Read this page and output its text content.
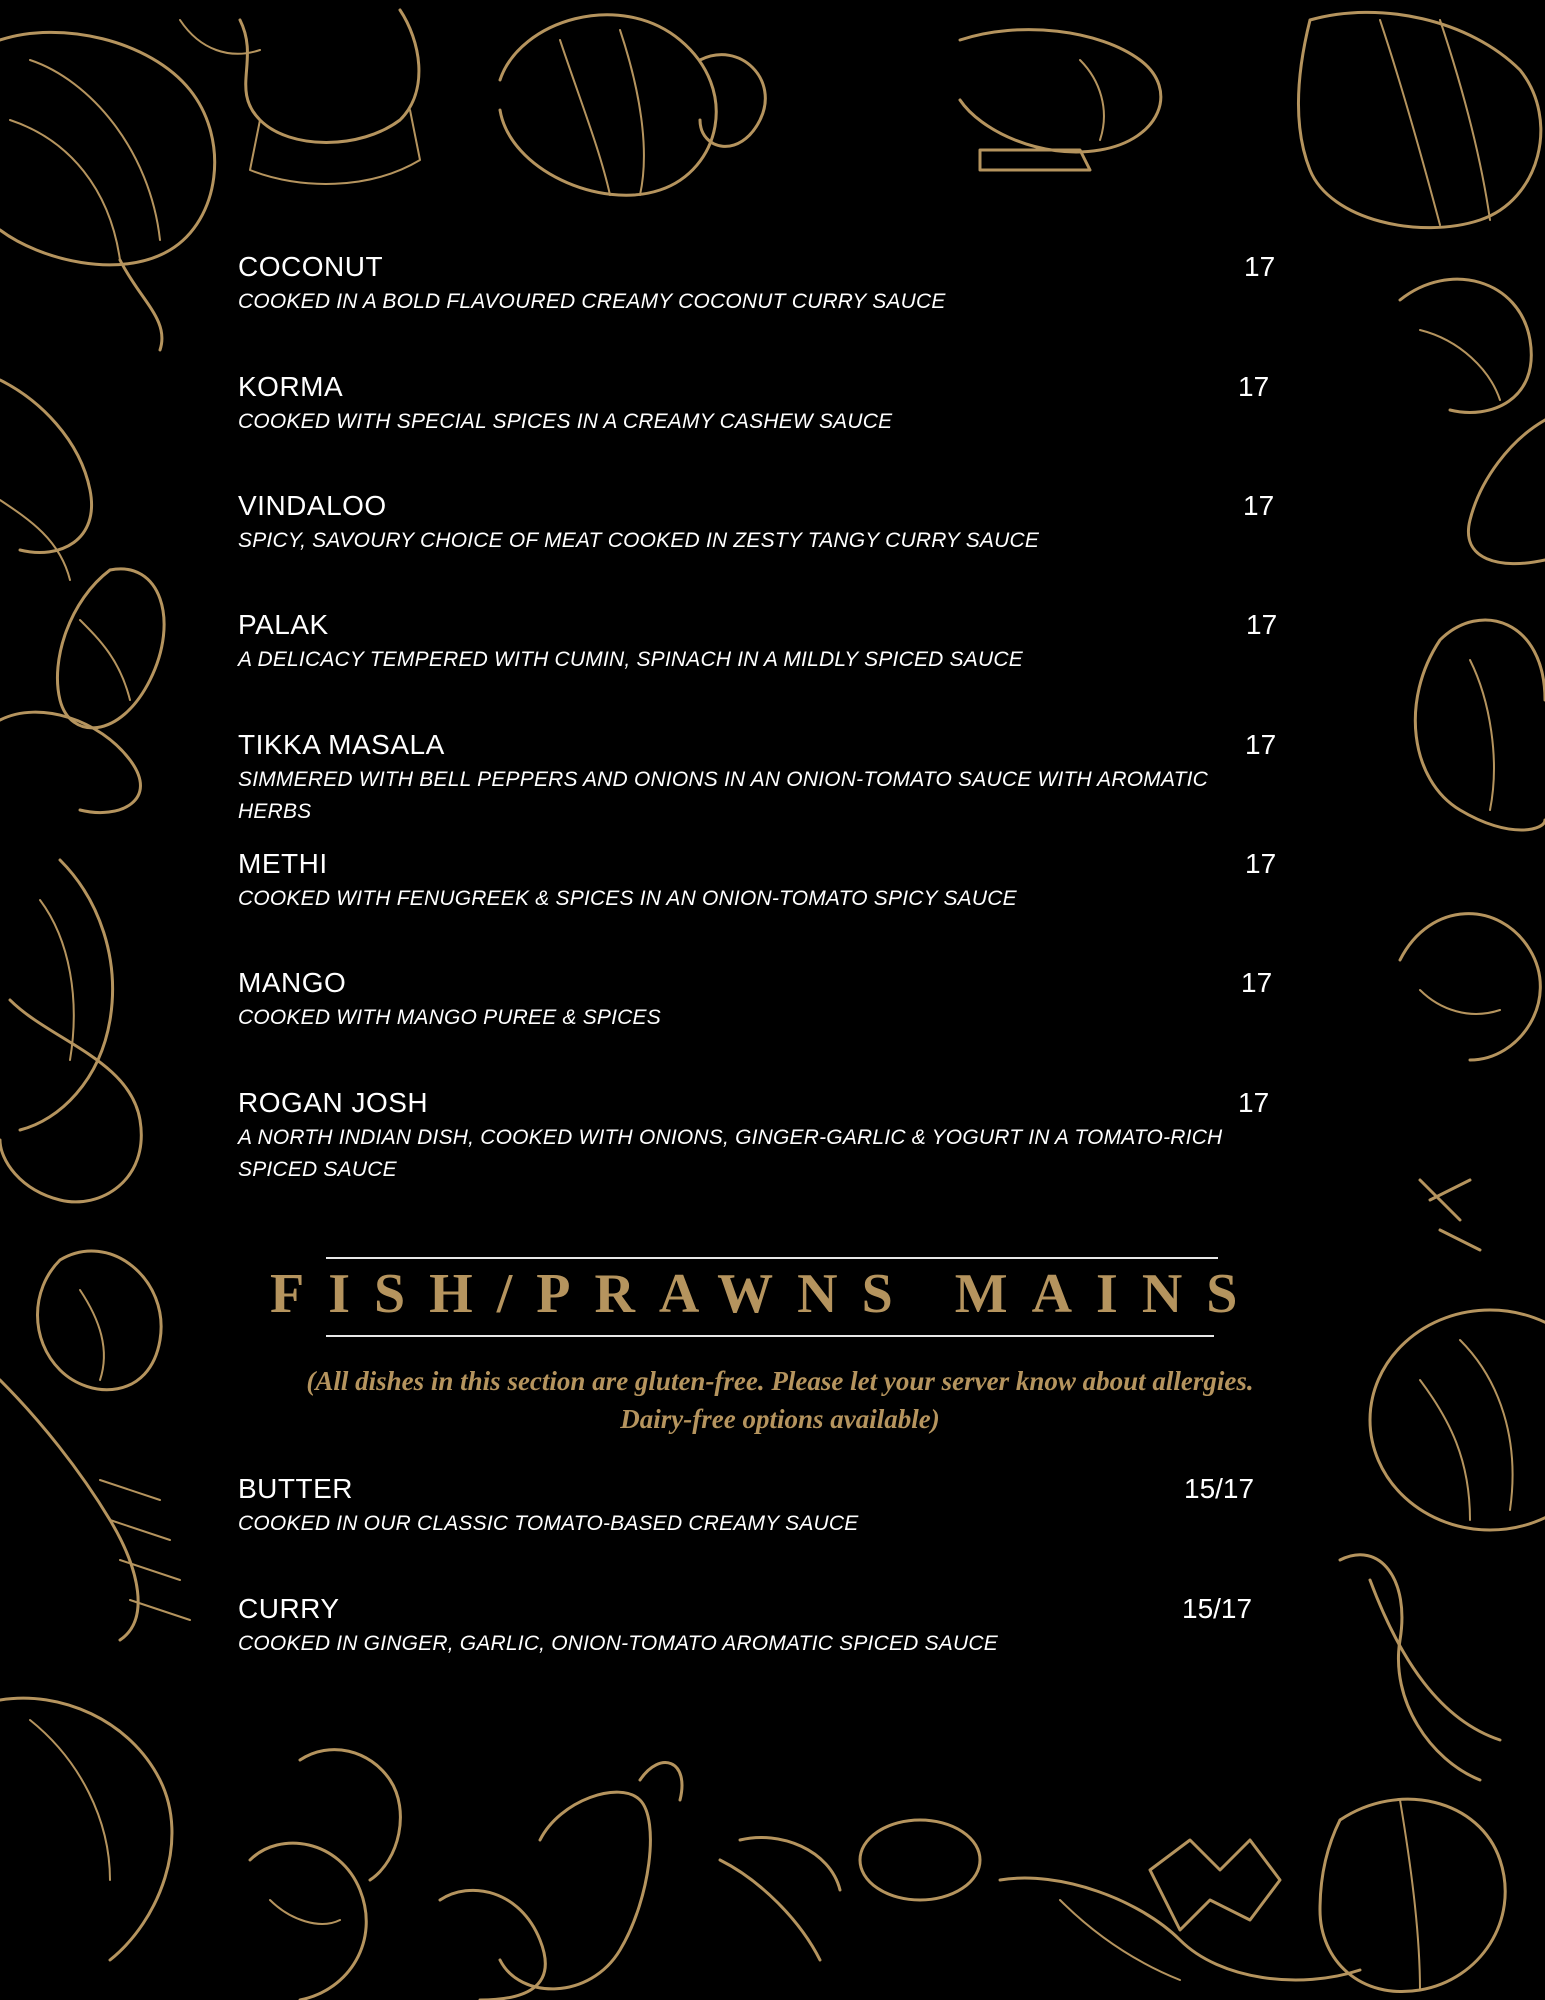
COCONUT	17
COOKED IN A BOLD FLAVOURED CREAMY COCONUT CURRY SAUCE
KORMA	17
COOKED WITH SPECIAL SPICES IN A CREAMY CASHEW SAUCE
VINDALOO	17
SPICY, SAVOURY CHOICE OF MEAT COOKED IN ZESTY TANGY CURRY SAUCE
PALAK	17
A DELICACY TEMPERED WITH CUMIN, SPINACH IN A MILDLY SPICED SAUCE
TIKKA MASALA	17
SIMMERED WITH BELL PEPPERS AND ONIONS IN AN ONION-TOMATO SAUCE WITH AROMATIC HERBS
METHI	17
COOKED WITH FENUGREEK & SPICES IN AN ONION-TOMATO SPICY SAUCE
MANGO	17
COOKED WITH MANGO PUREE & SPICES
ROGAN JOSH	17
A NORTH INDIAN DISH, COOKED WITH ONIONS, GINGER-GARLIC & YOGURT IN A TOMATO-RICH SPICED SAUCE
FISH/PRAWNS MAINS
(All dishes in this section are gluten-free. Please let your server know about allergies. Dairy-free options available)
BUTTER	15/17
COOKED IN OUR CLASSIC TOMATO-BASED CREAMY SAUCE
CURRY	15/17
COOKED IN GINGER, GARLIC, ONION-TOMATO AROMATIC SPICED SAUCE
